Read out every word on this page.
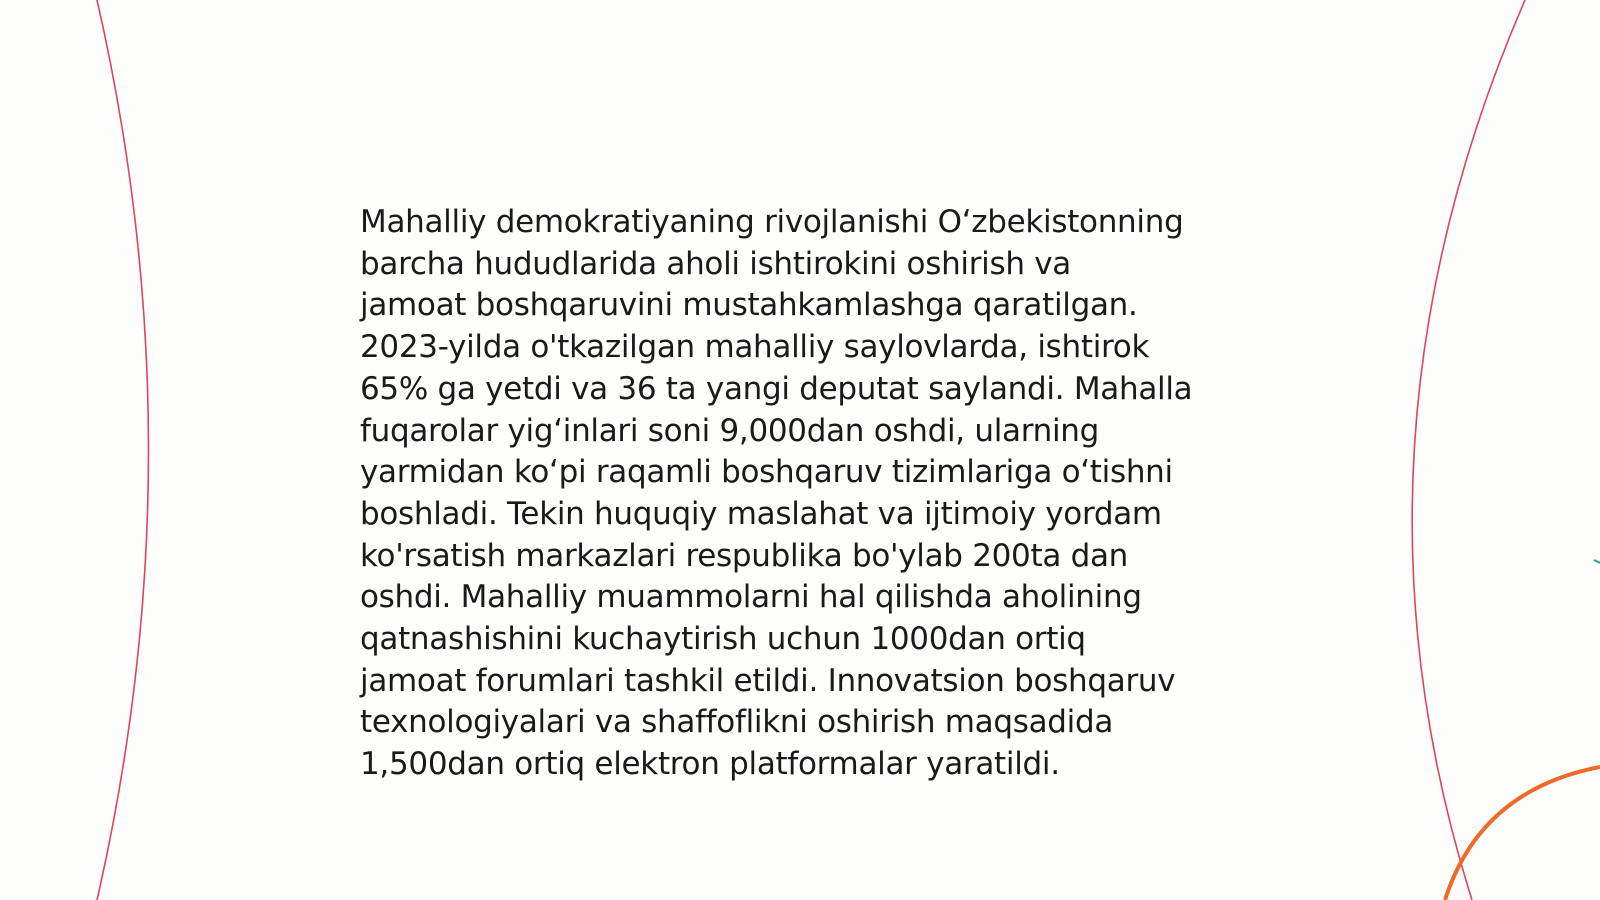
Mahalliy demokratiyaning rivojlanishi O‘zbekistonning
barcha hududlarida aholi ishtirokini oshirish va
jamoat boshqaruvini mustahkamlashga qaratilgan.
2023-yilda o'tkazilgan mahalliy saylovlarda, ishtirok
65% ga yetdi va 36 ta yangi deputat saylandi. Mahalla
fuqarolar yig‘inlari soni 9,000dan oshdi, ularning
yarmidan ko‘pi raqamli boshqaruv tizimlariga o‘tishni
boshladi. Tekin huquqiy maslahat va ijtimoiy yordam
ko'rsatish markazlari respublika bo'ylab 200ta dan
oshdi. Mahalliy muammolarni hal qilishda aholining
qatnashishini kuchaytirish uchun 1000dan ortiq
jamoat forumlari tashkil etildi. Innovatsion boshqaruv
texnologiyalari va shaffoflikni oshirish maqsadida
1,500dan ortiq elektron platformalar yaratildi.
